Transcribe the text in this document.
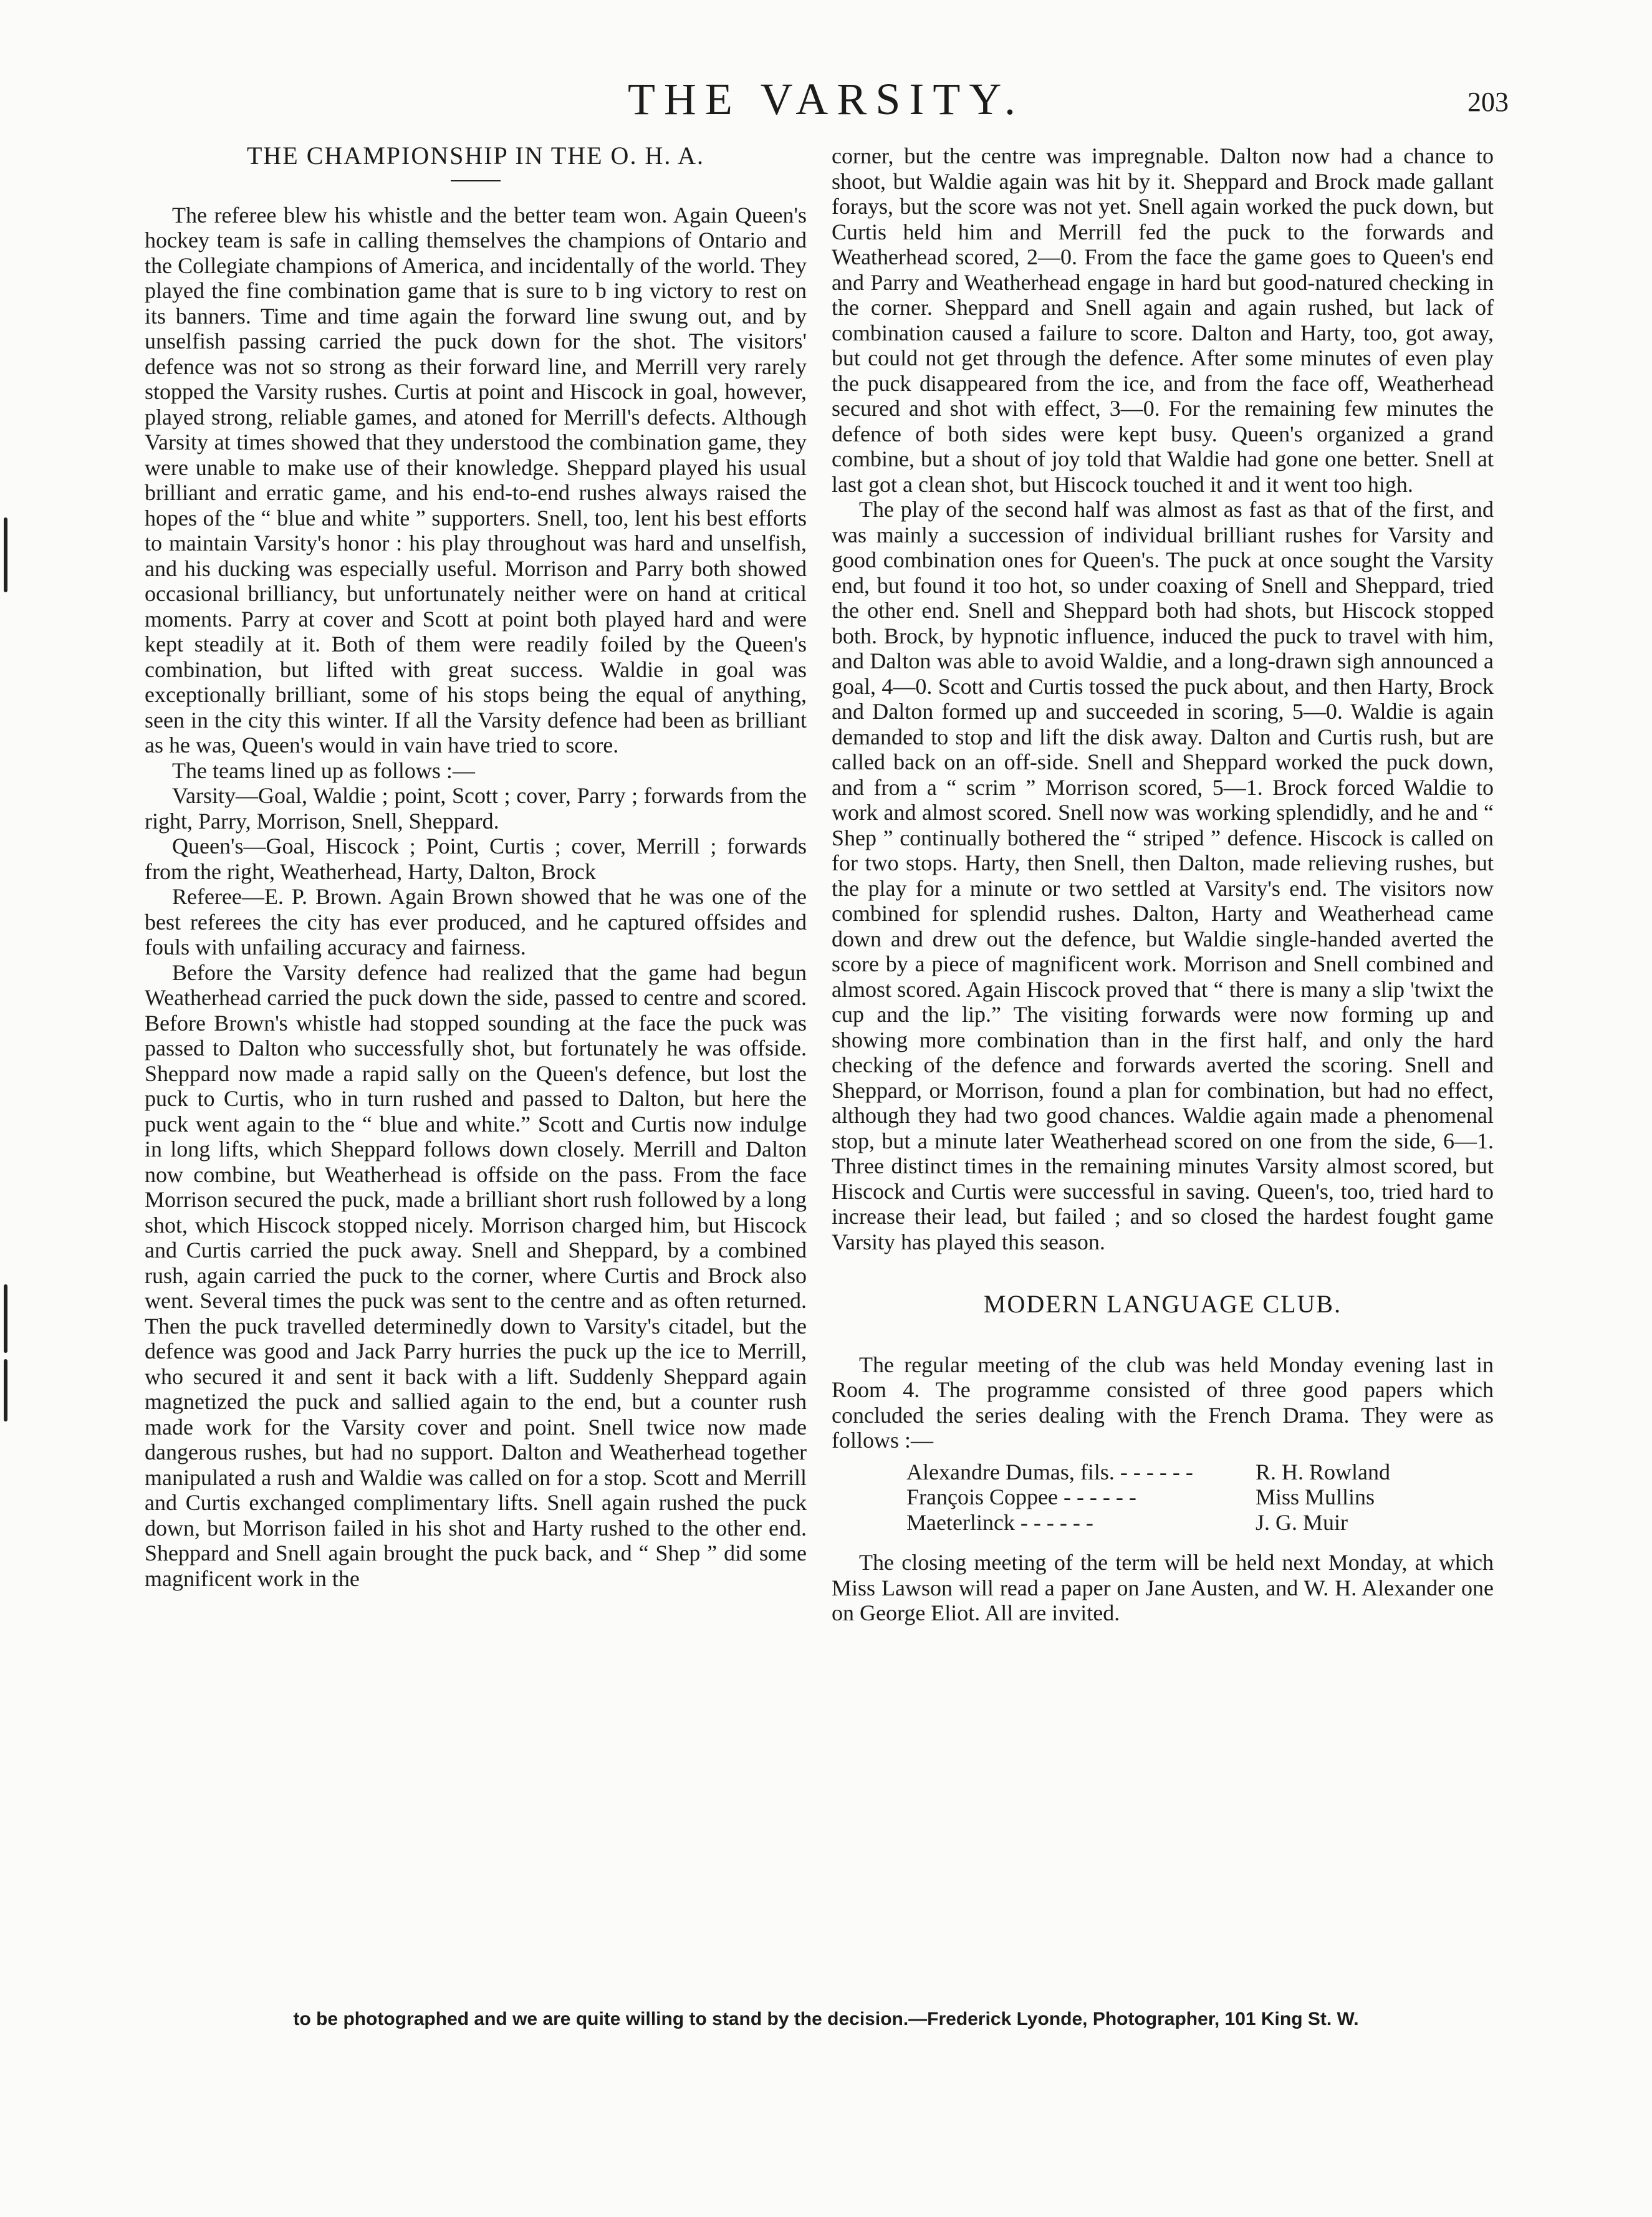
THE VARSITY.	203
THE CHAMPIONSHIP IN THE O. H. A.

The referee blew his whistle and the better team won. Again Queen's hockey team is safe in calling themselves the champions of Ontario and the Collegiate champions of America, and incidentally of the world. They played the fine combination game that is sure to b ing victory to rest on its banners. Time and time again the forward line swung out, and by unselfish passing carried the puck down for the shot. The visitors' defence was not so strong as their forward line, and Merrill very rarely stopped the Varsity rushes. Curtis at point and Hiscock in goal, however, played strong, reliable games, and atoned for Merrill's defects. Although Varsity at times showed that they understood the combination game, they were unable to make use of their knowledge. Sheppard played his usual brilliant and erratic game, and his end-to-end rushes always raised the hopes of the “ blue and white ” supporters. Snell, too, lent his best efforts to maintain Varsity's honor : his play throughout was hard and unselfish, and his ducking was especially useful. Morrison and Parry both showed occasional brilliancy, but unfortunately neither were on hand at critical moments. Parry at cover and Scott at point both played hard and were kept steadily at it. Both of them were readily foiled by the Queen's combination, but lifted with great success. Waldie in goal was exceptionally brilliant, some of his stops being the equal of anything, seen in the city this winter. If all the Varsity defence had been as brilliant as he was, Queen's would in vain have tried to score.

The teams lined up as follows :—

Varsity—Goal, Waldie ; point, Scott ; cover, Parry ; forwards from the right, Parry, Morrison, Snell, Sheppard.

Queen's—Goal, Hiscock ; Point, Curtis ; cover, Merrill ; forwards from the right, Weatherhead, Harty, Dalton, Brock

Referee—E. P. Brown. Again Brown showed that he was one of the best referees the city has ever produced, and he captured offsides and fouls with unfailing accuracy and fairness.

Before the Varsity defence had realized that the game had begun Weatherhead carried the puck down the side, passed to centre and scored. Before Brown's whistle had stopped sounding at the face the puck was passed to Dalton who successfully shot, but fortunately he was offside. Sheppard now made a rapid sally on the Queen's defence, but lost the puck to Curtis, who in turn rushed and passed to Dalton, but here the puck went again to the “ blue and white.” Scott and Curtis now indulge in long lifts, which Sheppard follows down closely. Merrill and Dalton now combine, but Weatherhead is offside on the pass. From the face Morrison secured the puck, made a brilliant short rush followed by a long shot, which Hiscock stopped nicely. Morrison charged him, but Hiscock and Curtis carried the puck away. Snell and Sheppard, by a combined rush, again carried the puck to the corner, where Curtis and Brock also went. Several times the puck was sent to the centre and as often returned. Then the puck travelled determinedly down to Varsity's citadel, but the defence was good and Jack Parry hurries the puck up the ice to Merrill, who secured it and sent it back with a lift. Suddenly Sheppard again magnetized the puck and sallied again to the end, but a counter rush made work for the Varsity cover and point. Snell twice now made dangerous rushes, but had no support. Dalton and Weatherhead together manipulated a rush and Waldie was called on for a stop. Scott and Merrill and Curtis exchanged complimentary lifts. Snell again rushed the puck down, but Morrison failed in his shot and Harty rushed to the other end. Sheppard and Snell again brought the puck back, and “ Shep ” did some magnificent work in the

corner, but the centre was impregnable. Dalton now had a chance to shoot, but Waldie again was hit by it. Sheppard and Brock made gallant forays, but the score was not yet. Snell again worked the puck down, but Curtis held him and Merrill fed the puck to the forwards and Weatherhead scored, 2—0. From the face the game goes to Queen's end and Parry and Weatherhead engage in hard but good-natured checking in the corner. Sheppard and Snell again and again rushed, but lack of combination caused a failure to score. Dalton and Harty, too, got away, but could not get through the defence. After some minutes of even play the puck disappeared from the ice, and from the face off, Weatherhead secured and shot with effect, 3—0. For the remaining few minutes the defence of both sides were kept busy. Queen's organized a grand combine, but a shout of joy told that Waldie had gone one better. Snell at last got a clean shot, but Hiscock touched it and it went too high.

The play of the second half was almost as fast as that of the first, and was mainly a succession of individual brilliant rushes for Varsity and good combination ones for Queen's. The puck at once sought the Varsity end, but found it too hot, so under coaxing of Snell and Sheppard, tried the other end. Snell and Sheppard both had shots, but Hiscock stopped both. Brock, by hypnotic influence, induced the puck to travel with him, and Dalton was able to avoid Waldie, and a long-drawn sigh announced a goal, 4—0. Scott and Curtis tossed the puck about, and then Harty, Brock and Dalton formed up and succeeded in scoring, 5—0. Waldie is again demanded to stop and lift the disk away. Dalton and Curtis rush, but are called back on an off-side. Snell and Sheppard worked the puck down, and from a “ scrim ” Morrison scored, 5—1. Brock forced Waldie to work and almost scored. Snell now was working splendidly, and he and “ Shep ” continually bothered the “ striped ” defence. Hiscock is called on for two stops. Harty, then Snell, then Dalton, made relieving rushes, but the play for a minute or two settled at Varsity's end. The visitors now combined for splendid rushes. Dalton, Harty and Weatherhead came down and drew out the defence, but Waldie single-handed averted the score by a piece of magnificent work. Morrison and Snell combined and almost scored. Again Hiscock proved that “ there is many a slip 'twixt the cup and the lip.” The visiting forwards were now forming up and showing more combination than in the first half, and only the hard checking of the defence and forwards averted the scoring. Snell and Sheppard, or Morrison, found a plan for combination, but had no effect, although they had two good chances. Waldie again made a phenomenal stop, but a minute later Weatherhead scored on one from the side, 6—1. Three distinct times in the remaining minutes Varsity almost scored, but Hiscock and Curtis were successful in saving. Queen's, too, tried hard to increase their lead, but failed ; and so closed the hardest fought game Varsity has played this season.

MODERN LANGUAGE CLUB.

The regular meeting of the club was held Monday evening last in Room 4. The programme consisted of three good papers which concluded the series dealing with the French Drama. They were as follows :—

Alexandre Dumas, fils. - -	R. H. Rowland
François Coppee - -	Miss Mullins
Maeterlinck - -	J. G. Muir

The closing meeting of the term will be held next Monday, at which Miss Lawson will read a paper on Jane Austen, and W. H. Alexander one on George Eliot. All are invited.

to be photographed and we are quite willing to stand by the decision.—Frederick Lyonde, Photographer, 101 King St. W.
